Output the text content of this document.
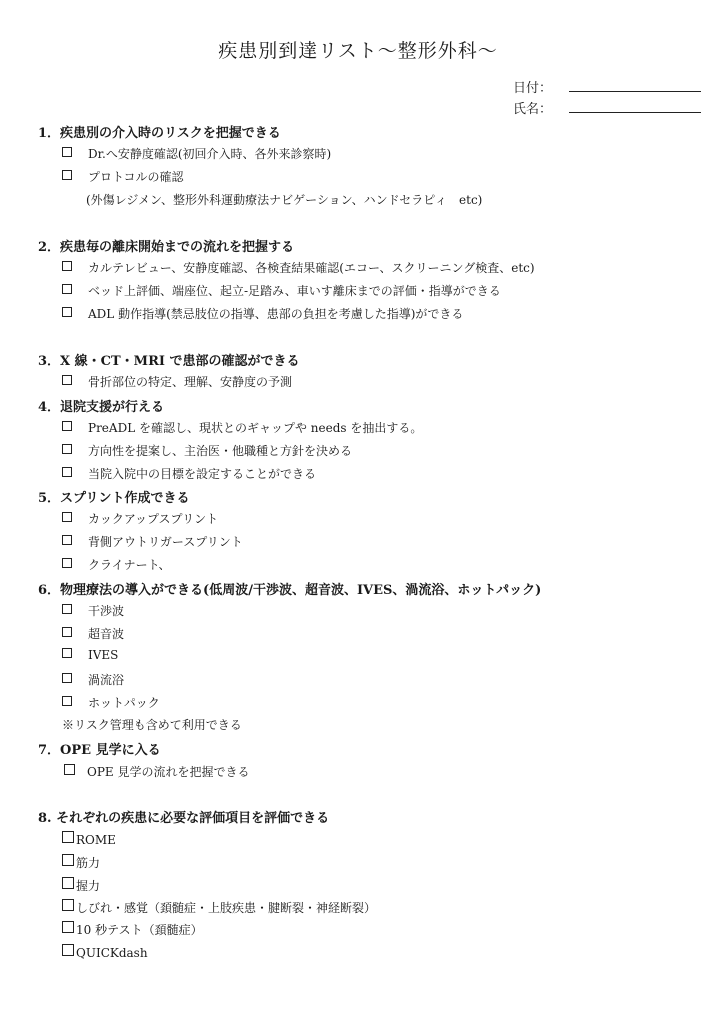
疾患別到達リスト〜整形外科〜
日付：
氏名：
1．疾患別の介入時のリスクを把握できる
Dr.へ安静度確認(初回介入時、各外来診察時)
プロトコルの確認
(外傷レジメン、整形外科運動療法ナビゲーション、ハンドセラピィ　etc)
2．疾患毎の離床開始までの流れを把握する
カルテレビュー、安静度確認、各検査結果確認(エコー、スクリーニング検査、etc)
ベッド上評価、端座位、起立-足踏み、車いす離床までの評価・指導ができる
ADL 動作指導(禁忌肢位の指導、患部の負担を考慮した指導)ができる
3．X 線・CT・MRI で患部の確認ができる
骨折部位の特定、理解、安静度の予測
4．退院支援が行える
PreADL を確認し、現状とのギャップや needs を抽出する。
方向性を提案し、主治医・他職種と方針を決める
当院入院中の目標を設定することができる
5．スプリント作成できる
カックアップスプリント
背側アウトリガースプリント
クライナート、
6．物理療法の導入ができる(低周波/干渉波、超音波、IVES、渦流浴、ホットパック)
干渉波
超音波
IVES
渦流浴
ホットパック
※リスク管理も含めて利用できる
7．OPE 見学に入る
OPE 見学の流れを把握できる
8. それぞれの疾患に必要な評価項目を評価できる
ROME
筋力
握力
しびれ・感覚（頚髄症・上肢疾患・腱断裂・神経断裂）
10 秒テスト（頚髄症）
QUICKdash
